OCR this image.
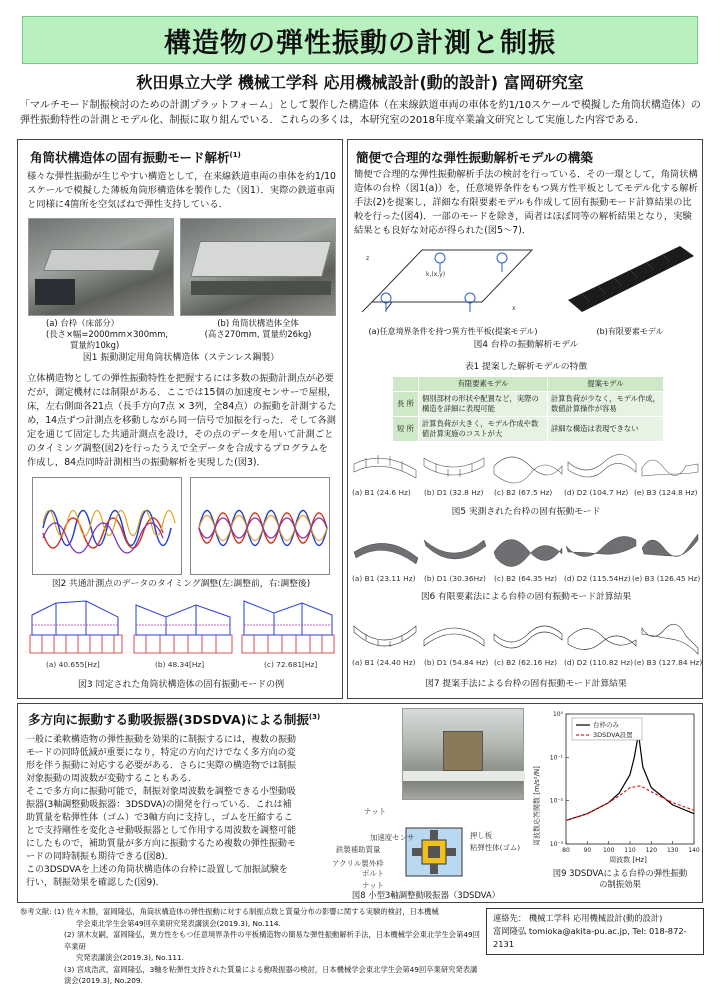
構造物の弾性振動の計測と制振
秋田県立大学 機械工学科 応用機械設計(動的設計) 富岡研究室
「マルチモード制振検討のための計測プラットフォーム」として製作した構造体（在来線鉄道車両の車体を約1/10スケールで模擬した角筒状構造体）の弾性振動特性の計測とモデル化、制振に取り組んでいる．これらの多くは，本研究室の2018年度卒業論文研究として実施した内容である．
角筒状構造体の固有振動モード解析$^{(1)}$
様々な弾性振動が生じやすい構造として，在来線鉄道車両の車体を約1/10スケールで模擬した薄板角筒形構造体を製作した（図1）．実際の鉄道車両と同様に4箇所を空気ばねで弾性支持している．
(a) 台枠（床部分）
(長さ×幅=2000mm×300mm,
質量約10kg)
(b) 角筒状構造体全体
(高さ270mm, 質量約26kg)
図1 振動測定用角筒状構造体（ステンレス鋼製）
立体構造物としての弾性振動特性を把握するには多数の振動計測点が必要だが，測定機材には制限がある．ここでは15個の加速度センサーで屋根，床，左右側面各21点（長手方向7点 × 3列，全84点）の振動を計測するため，14点ずつ計測点を移動しながら同一信号で加振を行った．そして各測定を通じて固定した共通計測点を設け，その点のデータを用いて計測ごとのタイミング調整(図2)を行ったうえで全データを合成するプログラムを作成し，84点同時計測相当の振動解析を実現した(図3)．
図2 共通計測点のデータのタイミング調整(左:調整前，右:調整後)
(a) 40.655[Hz]	(b) 48.34[Hz]	(c) 72.681[Hz]
図3 同定された角筒状構造体の固有振動モードの例
簡便で合理的な弾性振動解析モデルの構築
簡便で合理的な弾性振動解析手法の検討を行っている．その一環として，角筒状構造体の台枠（図1(a)）を，任意境界条件をもつ異方性平板としてモデル化する解析手法(2)を提案し，詳細な有限要素モデルも作成して固有振動モード計算結果の比較を行った(図4)．一部のモードを除き，両者はほぼ同等の解析結果となり，実験結果とも良好な対応が得られた(図5～7)．
k,(x,y)
x
z
(a)任意境界条件を持つ異方性平板(提案モデル)	(b)有限要素モデル
図4 台枠の振動解析モデル
表1 提案した解析モデルの特徴
	有限要素モデル	提案モデル
長 所	個別部材の形状や配置など，実際の構造を詳細に表現可能	計算負荷が少なく，モデル作成，数値計算操作が容易
短 所	計算負荷が大きく，モデル作成や数値計算実施のコストが大	詳細な構造は表現できない
(a) B1 (24.6 Hz) (b) D1 (32.8 Hz) (c) B2 (67.5 Hz) (d) D2 (104.7 Hz) (e) B3 (124.8 Hz)
図5 実測された台枠の固有振動モード
(a) B1 (23.11 Hz) (b) D1 (30.36Hz) (c) B2 (64.35 Hz) (d) D2 (115.54Hz) (e) B3 (126.45 Hz)
図6 有限要素法による台枠の固有振動モード計算結果
(a) B1 (24.40 Hz) (b) D1 (54.84 Hz) (c) B2 (62.16 Hz) (d) D2 (110.82 Hz) (e) B3 (127.84 Hz)
図7 提案手法による台枠の固有振動モード計算結果
多方向に振動する動吸振器(3DSDVA)による制振$^{(3)}$
一般に柔軟構造物の弾性振動を効果的に制振するには，複数の振動モードの同時低減が重要になり，特定の方向だけでなく多方向の変形を伴う振動に対応する必要がある．さらに実際の構造物では制振対象振動の周波数が変動することもある．
そこで多方向に振動可能で，制振対象周波数を調整できる小型動吸振器(3軸調整動吸振器：3DSDVA)の開発を行っている．これは補助質量を粘弾性体（ゴム）で3軸方向に支持し，ゴムを圧縮することで支持剛性を変化させ動吸振器として作用する周波数を調整可能にしたもので，補助質量が多方向に振動するため複数の弾性振動モードの同時制振も期待できる(図8)．
この3DSDVAを上述の角筒状構造体の台枠に設置して加振試験を行い，制振効果を確認した(図9)．
ナット
加速度センサ
鉄製補助質量
押し板
粘弾性体(ゴム)
アクリル製外枠
ボルト
ナット
図8 小型3軸調整動吸振器（3DSDVA）
周波数応答関数 [m/s²/N]
周波数 [Hz]
80 90 100 110 120 130 140
10⁰
10⁻¹
10⁻²
10⁻³
台枠のみ
3DSDVA設置
図9 3DSDVAによる台枠の弾性振動
の制振効果
参考文献: (1) 佐々木勝，富岡隆弘，角筒状構造体の弾性振動に対する制振点数と質量分布の影響に関する実験的検討，日本機械
学会東北学生会第49回卒業研究発表講演会(2019.3), No.114.
(2) 須木友嗣，富岡隆弘，異方性をもつ任意境界条件の平板構造物の簡易な弾性振動解析手法，日本機械学会東北学生会第49回卒業研
究発表講演会(2019.3), No.111.
(3) 宮成浩武，富岡隆弘，3軸を粘弾性支持された質量による動吸振器の検討，日本機械学会東北学生会第49回卒業研究発表講演会(2019.3), No.209.
連絡先： 機械工学科 応用機械設計(動的設計)
富岡隆弘 tomioka@akita-pu.ac.jp, Tel: 018-872-2131
